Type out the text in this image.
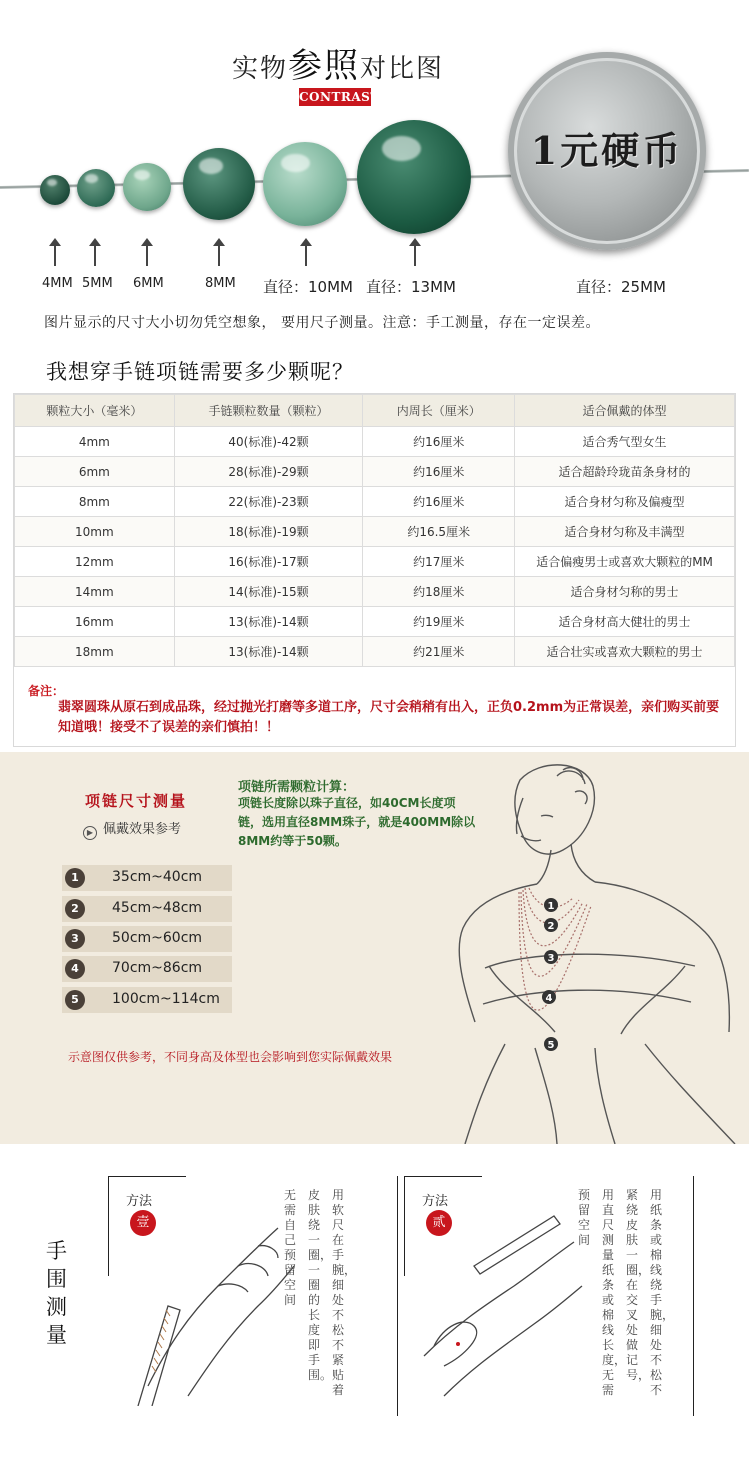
实物参照对比图
CONTRAST
1元硬币
4MM 5MM 6MM	8MM 直径：10MM 直径：13MM	直径：25MM
图片显示的尺寸大小切勿凭空想象， 要用尺子测量。注意：手工测量，存在一定误差。
我想穿手链项链需要多少颗呢？
颗粒大小（毫米）	手链颗粒数量（颗粒）	内周长（厘米）	适合佩戴的体型
4mm	40(标准)-42颗	约16厘米	适合秀气型女生
6mm	28(标准)-29颗	约16厘米	适合超龄玲珑苗条身材的
8mm	22(标准)-23颗	约16厘米	适合身材匀称及偏瘦型
10mm	18(标准)-19颗	约16.5厘米	适合身材匀称及丰满型
12mm	16(标准)-17颗	约17厘米	适合偏瘦男士或喜欢大颗粒的MM
14mm	14(标准)-15颗	约18厘米	适合身材匀称的男士
16mm	13(标准)-14颗	约19厘米	适合身材高大健壮的男士
18mm	13(标准)-14颗	约21厘米	适合壮实或喜欢大颗粒的男士
备注：
翡翠圆珠从原石到成品珠，经过抛光打磨等多道工序，尺寸会稍稍有出入，正负0.2mm为正常误差，亲们购买前要知道哦！接受不了误差的亲们慎拍！！
项链尺寸测量
▶ 佩戴效果参考
项链所需颗粒计算：
项链长度除以珠子直径，如40CM长度项链，选用直径8MM珠子，就是400MM除以8MM约等于50颗。
1	35cm~40cm
2	45cm~48cm
3	50cm~60cm
4	70cm~86cm
5	100cm~114cm
示意图仅供参考，不同身高及体型也会影响到您实际佩戴效果
1
2
3
4
5
手围测量
方法
壹
用软尺在手腕，细处不松不紧贴着
皮肤绕一圈，一圈的长度即手围。
无需自己预留空间
方法
贰
用纸条或棉线绕手腕，细处不松不
紧绕皮肤一圈，在交叉处做记号，
用直尺测量纸条或棉线长度，无需
预留空间
